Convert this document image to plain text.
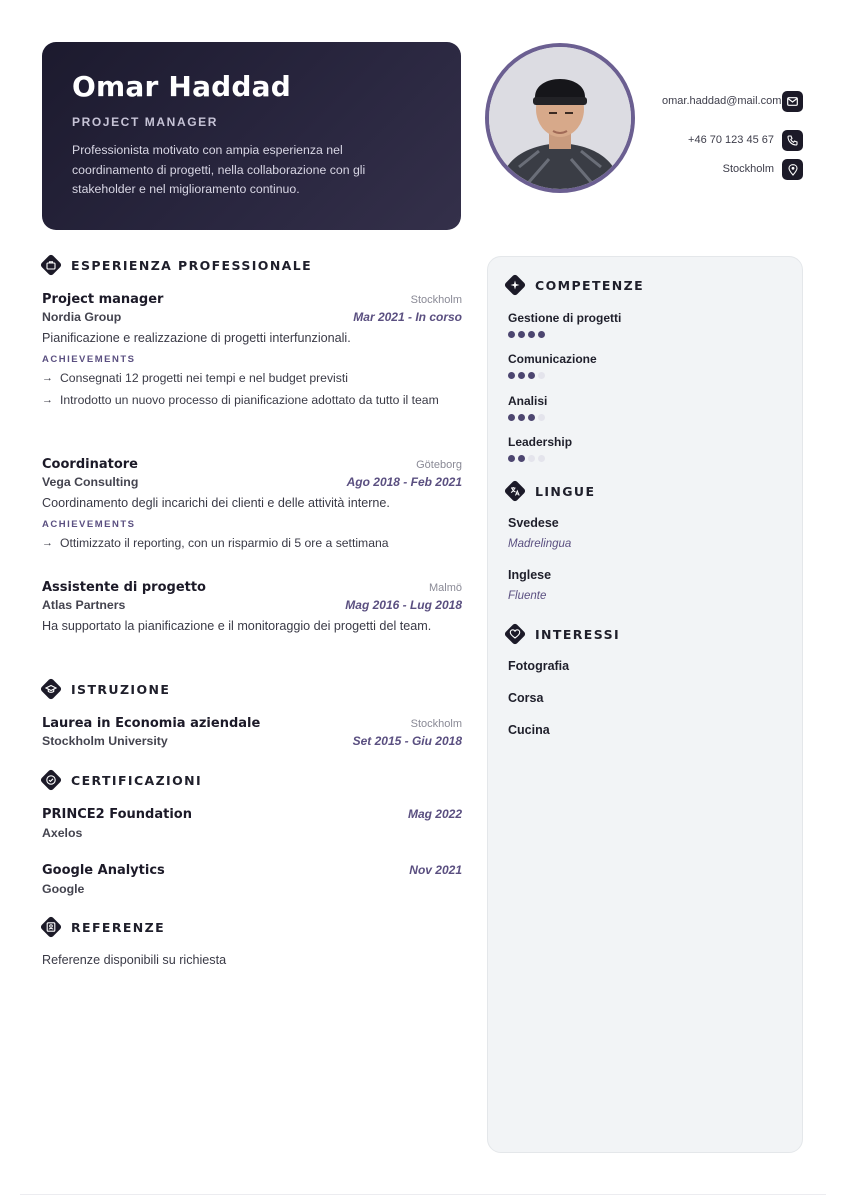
Omar Haddad
PROJECT MANAGER
Professionista motivato con ampia esperienza nel coordinamento di progetti, nella collaborazione con gli stakeholder e nel miglioramento continuo.
omar.haddad@mail.com
+46 70 123 45 67
Stockholm
ESPERIENZA PROFESSIONALE
Project manager	Stockholm
Nordia Group	Mar 2021 - In corso
Pianificazione e realizzazione di progetti interfunzionali.
ACHIEVEMENTS
→ Consegnati 12 progetti nei tempi e nel budget previsti
→ Introdotto un nuovo processo di pianificazione adottato da tutto il team
Coordinatore	Göteborg
Vega Consulting	Ago 2018 - Feb 2021
Coordinamento degli incarichi dei clienti e delle attività interne.
ACHIEVEMENTS
→ Ottimizzato il reporting, con un risparmio di 5 ore a settimana
Assistente di progetto	Malmö
Atlas Partners	Mag 2016 - Lug 2018
Ha supportato la pianificazione e il monitoraggio dei progetti del team.
ISTRUZIONE
Laurea in Economia aziendale	Stockholm
Stockholm University	Set 2015 - Giu 2018
CERTIFICAZIONI
PRINCE2 Foundation	Mag 2022
Axelos
Google Analytics	Nov 2021
Google
REFERENZE
Referenze disponibili su richiesta
COMPETENZE
Gestione di progetti
Comunicazione
Analisi
Leadership
LINGUE
Svedese
Madrelingua
Inglese
Fluente
INTERESSI
Fotografia
Corsa
Cucina
